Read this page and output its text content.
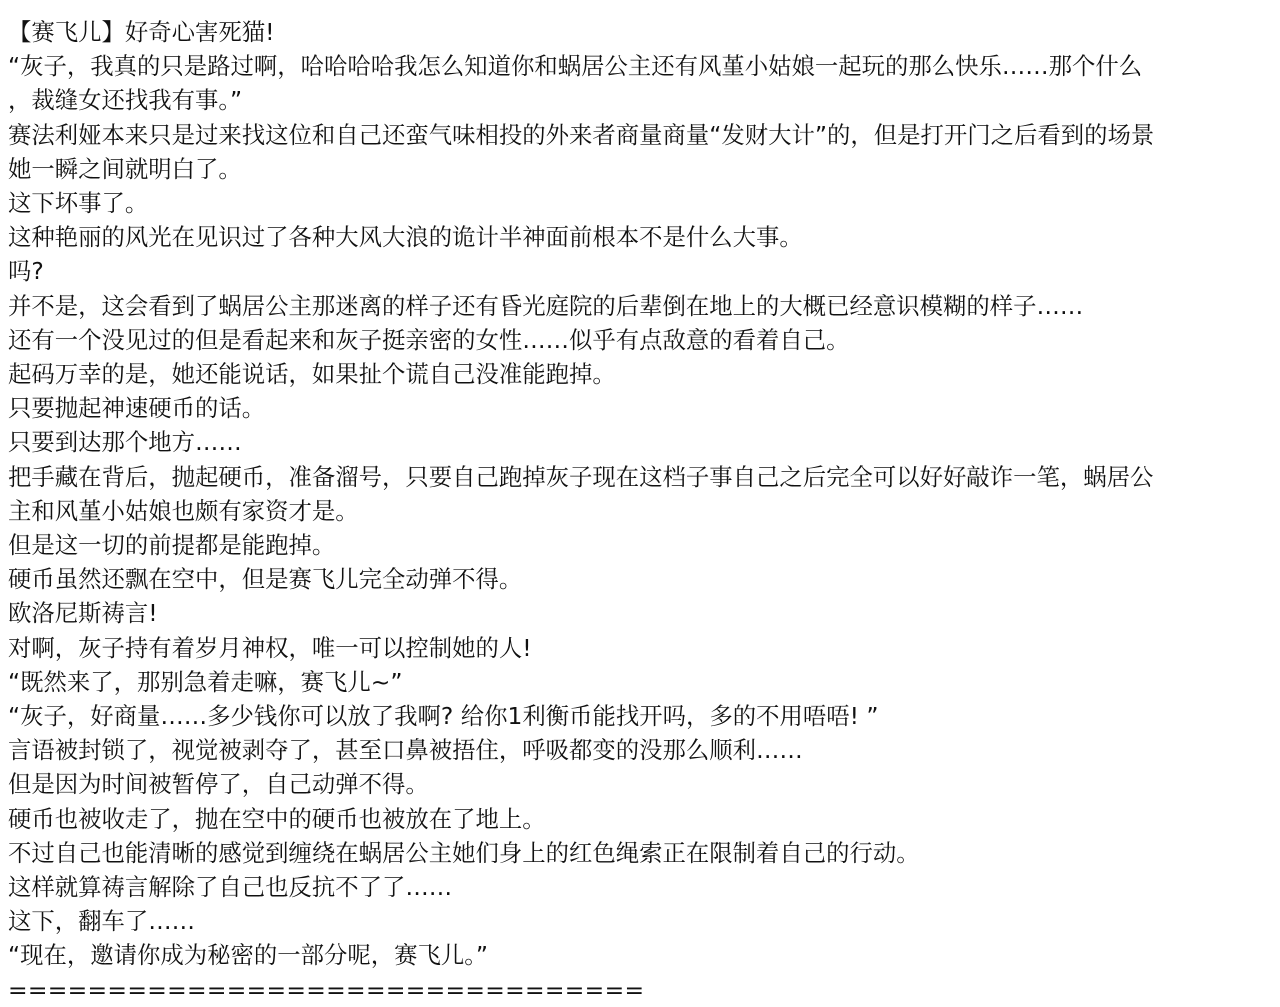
【赛飞儿】好奇心害死猫!
“灰子，我真的只是路过啊，哈哈哈哈我怎么知道你和蜗居公主还有风堇小姑娘一起玩的那么快乐……那个什么
，裁缝女还找我有事。”
赛法利娅本来只是过来找这位和自己还蛮气味相投的外来者商量商量“发财大计”的，但是打开门之后看到的场景
她一瞬之间就明白了。
这下坏事了。
这种艳丽的风光在见识过了各种大风大浪的诡计半神面前根本不是什么大事。
吗?
并不是，这会看到了蜗居公主那迷离的样子还有昏光庭院的后辈倒在地上的大概已经意识模糊的样子……
还有一个没见过的但是看起来和灰子挺亲密的女性……似乎有点敌意的看着自己。
起码万幸的是，她还能说话，如果扯个谎自己没准能跑掉。
只要抛起神速硬币的话。
只要到达那个地方……
把手藏在背后，抛起硬币，准备溜号，只要自己跑掉灰子现在这档子事自己之后完全可以好好敲诈一笔，蜗居公
主和风堇小姑娘也颇有家资才是。
但是这一切的前提都是能跑掉。
硬币虽然还飘在空中，但是赛飞儿完全动弹不得。
欧洛尼斯祷言!
对啊，灰子持有着岁月神权，唯一可以控制她的人!
“既然来了，那别急着走嘛，赛飞儿~”
“灰子，好商量……多少钱你可以放了我啊? 给你1利衡币能找开吗，多的不用唔唔! ”
言语被封锁了，视觉被剥夺了，甚至口鼻被捂住，呼吸都变的没那么顺利……
但是因为时间被暂停了，自己动弹不得。
硬币也被收走了，抛在空中的硬币也被放在了地上。
不过自己也能清晰的感觉到缠绕在蜗居公主她们身上的红色绳索正在限制着自己的行动。
这样就算祷言解除了自己也反抗不了了……
这下，翻车了……
“现在，邀请你成为秘密的一部分呢，赛飞儿。”
================================
